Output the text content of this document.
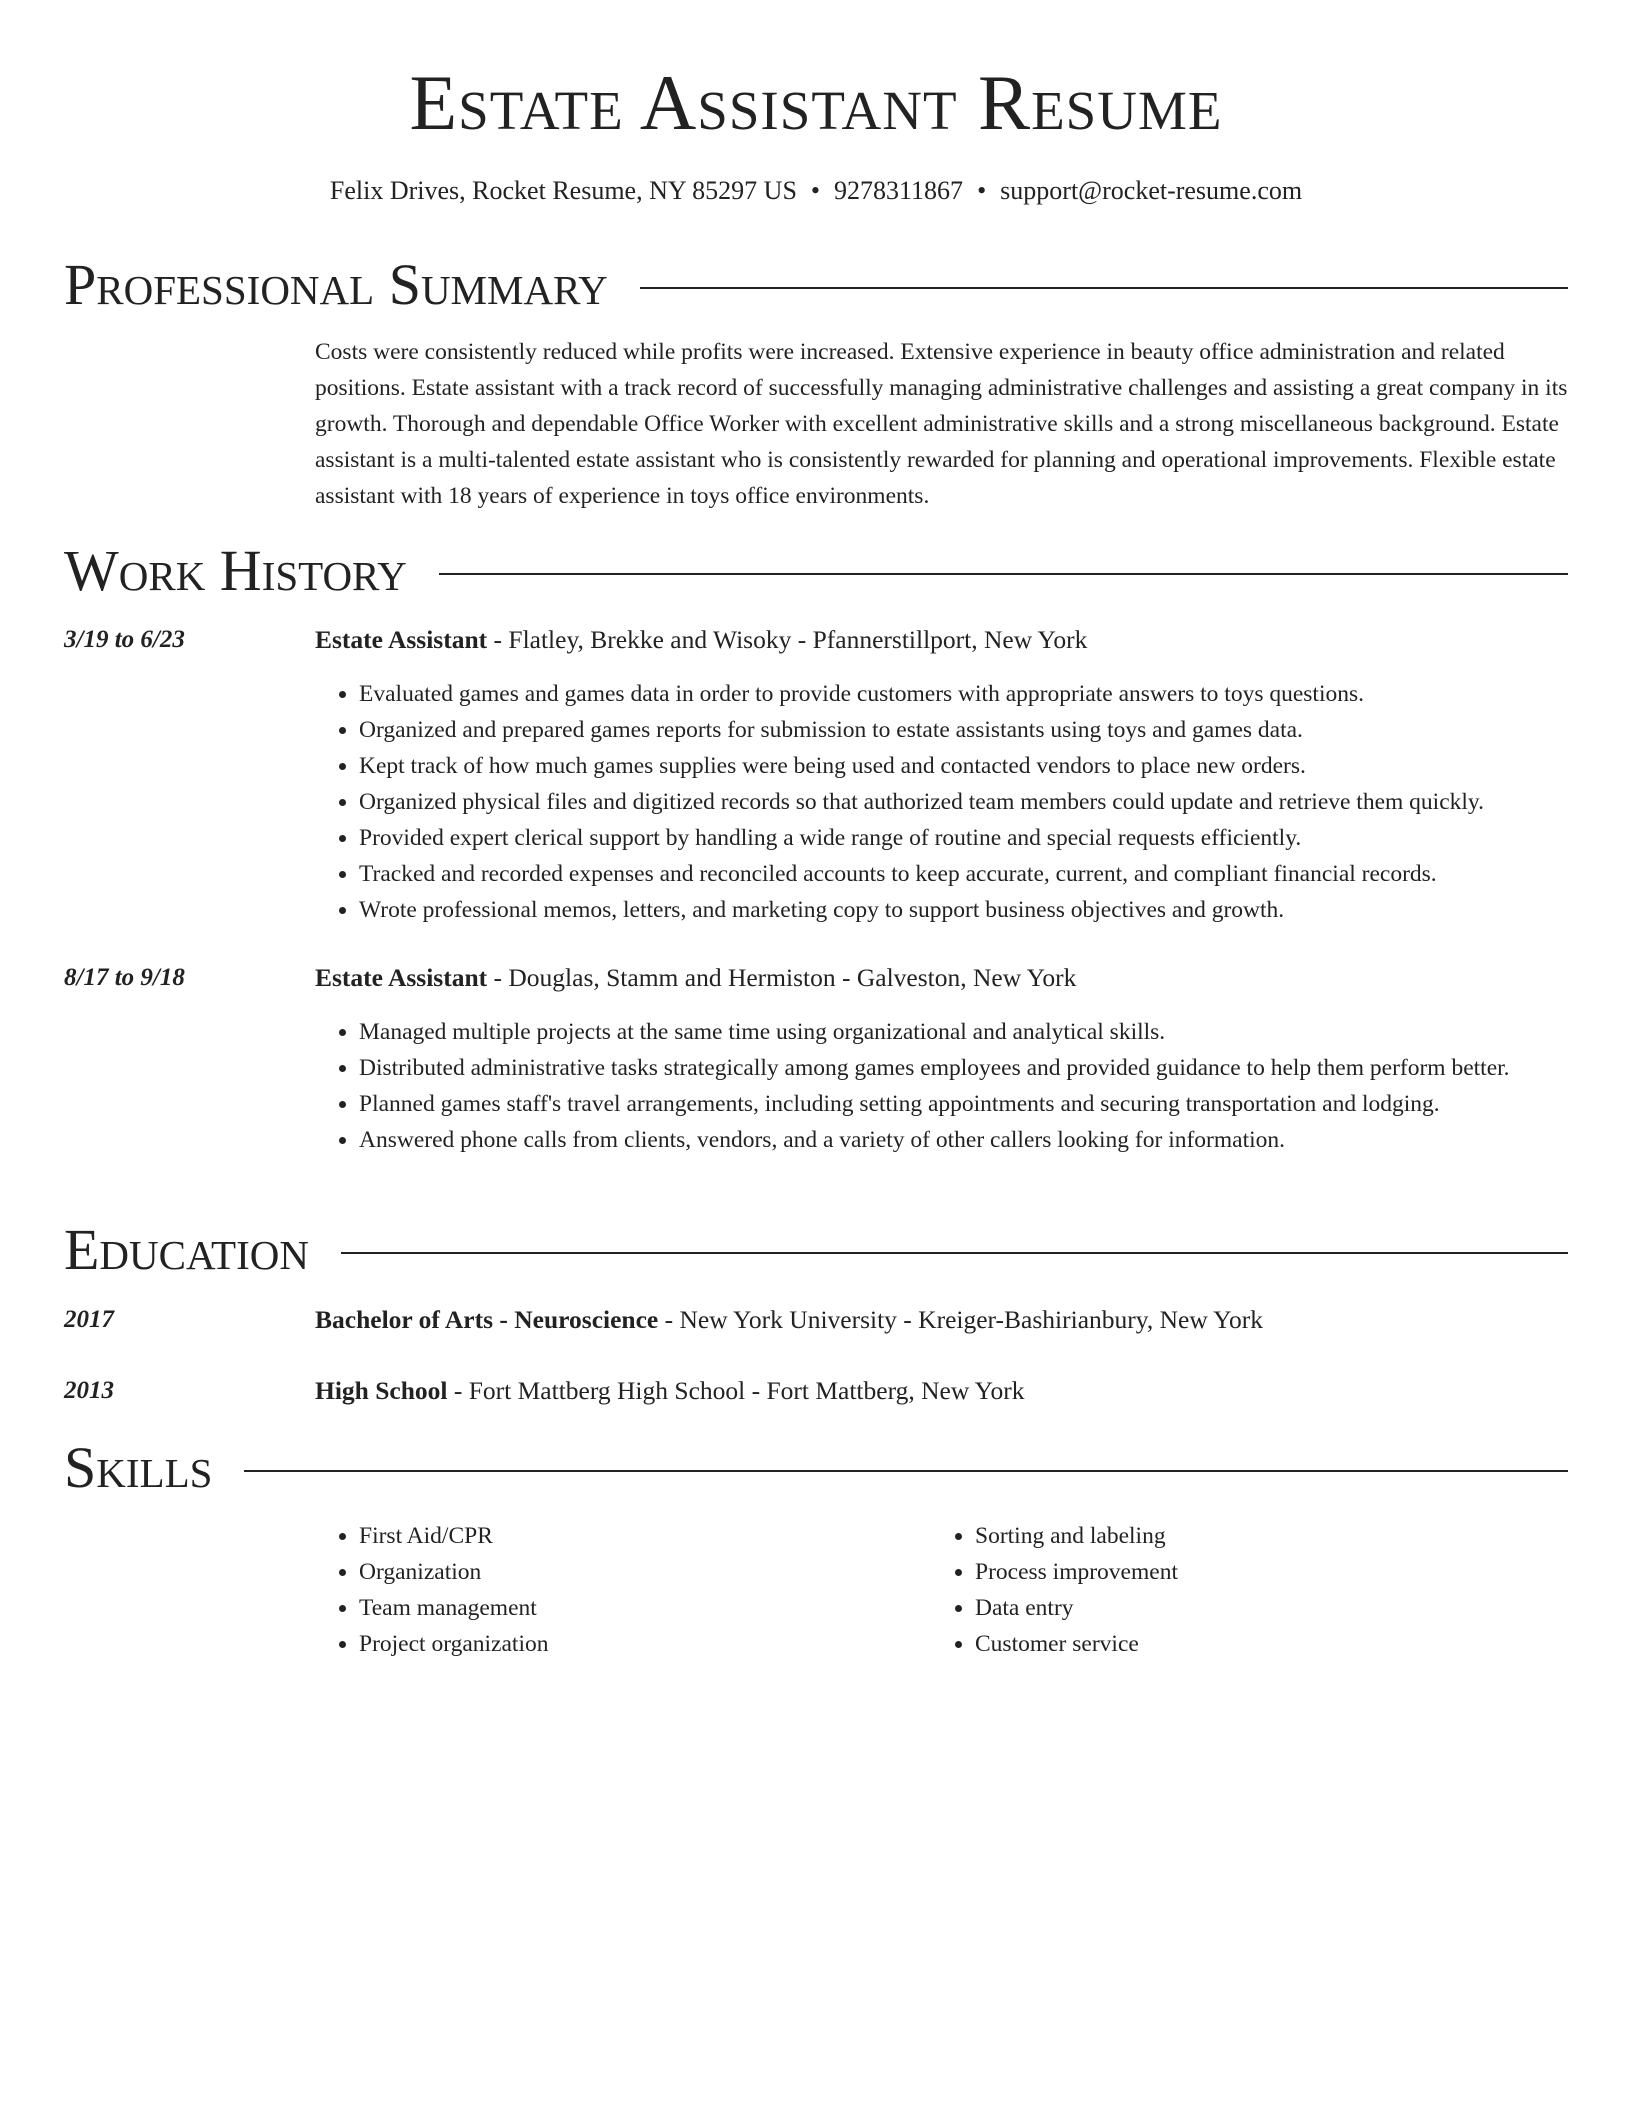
Estate Assistant Resume
Felix Drives, Rocket Resume, NY 85297 US • 9278311867 • support@rocket-resume.com
Professional Summary

Costs were consistently reduced while profits were increased. Extensive experience in beauty office administration and related positions. Estate assistant with a track record of successfully managing administrative challenges and assisting a great company in its growth. Thorough and dependable Office Worker with excellent administrative skills and a strong miscellaneous background. Estate assistant is a multi-talented estate assistant who is consistently rewarded for planning and operational improvements. Flexible estate assistant with 18 years of experience in toys office environments.

Work History
3/19 to 6/23	Estate Assistant - Flatley, Brekke and Wisoky - Pfannerstillport, New York
• Evaluated games and games data in order to provide customers with appropriate answers to toys questions.
• Organized and prepared games reports for submission to estate assistants using toys and games data.
• Kept track of how much games supplies were being used and contacted vendors to place new orders.
• Organized physical files and digitized records so that authorized team members could update and retrieve them quickly.
• Provided expert clerical support by handling a wide range of routine and special requests efficiently.
• Tracked and recorded expenses and reconciled accounts to keep accurate, current, and compliant financial records.
• Wrote professional memos, letters, and marketing copy to support business objectives and growth.
8/17 to 9/18	Estate Assistant - Douglas, Stamm and Hermiston - Galveston, New York
• Managed multiple projects at the same time using organizational and analytical skills.
• Distributed administrative tasks strategically among games employees and provided guidance to help them perform better.
• Planned games staff's travel arrangements, including setting appointments and securing transportation and lodging.
• Answered phone calls from clients, vendors, and a variety of other callers looking for information.
Education
2017	Bachelor of Arts - Neuroscience - New York University - Kreiger-Bashirianbury, New York
2013	High School - Fort Mattberg High School - Fort Mattberg, New York
Skills
• First Aid/CPR
• Organization
• Team management
• Project organization
• Sorting and labeling
• Process improvement
• Data entry
• Customer service
